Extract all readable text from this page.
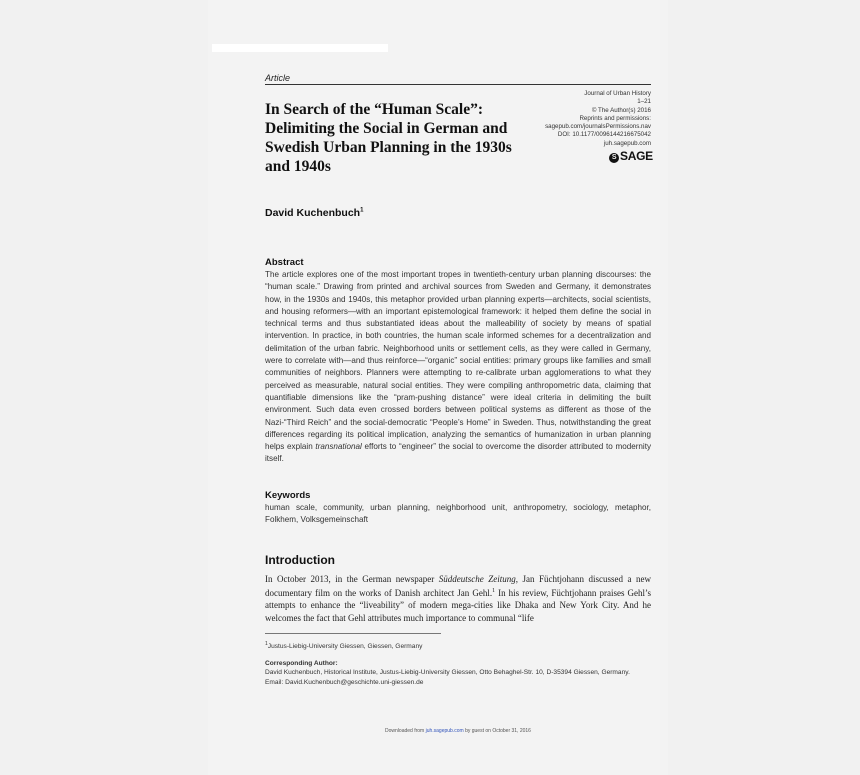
Article
Journal of Urban History
1–21
© The Author(s) 2016
Reprints and permissions:
sagepub.com/journalsPermissions.nav
DOI: 10.1177/0096144216675042
juh.sagepub.com
S SAGE
In Search of the “Human Scale”: Delimiting the Social in German and Swedish Urban Planning in the 1930s and 1940s
David Kuchenbuch$^1$
Abstract
The article explores one of the most important tropes in twentieth-century urban planning discourses: the “human scale.” Drawing from printed and archival sources from Sweden and Germany, it demonstrates how, in the 1930s and 1940s, this metaphor provided urban planning experts—architects, social scientists, and housing reformers—with an important epistemological framework: it helped them define the social in technical terms and thus substantiated ideas about the malleability of society by means of spatial intervention. In practice, in both countries, the human scale informed schemes for a decentralization and delimitation of the urban fabric. Neighborhood units or settlement cells, as they were called in Germany, were to correlate with—and thus reinforce—“organic” social entities: primary groups like families and small communities of neighbors. Planners were attempting to re-calibrate urban agglomerations to what they perceived as measurable, natural social entities. They were compiling anthropometric data, claiming that quantifiable dimensions like the “pram-pushing distance” were ideal criteria in delimiting the built environment. Such data even crossed borders between political systems as different as those of the Nazi-“Third Reich” and the social-democratic “People’s Home” in Sweden. Thus, notwithstanding the great differences regarding its political implication, analyzing the semantics of humanization in urban planning helps explain transnational efforts to “engineer” the social to overcome the disorder attributed to modernity itself.
Keywords
human scale, community, urban planning, neighborhood unit, anthropometry, sociology, metaphor, Folkhem, Volksgemeinschaft
Introduction
In October 2013, in the German newspaper Süddeutsche Zeitung, Jan Füchtjohann discussed a new documentary film on the works of Danish architect Jan Gehl.$^1$ In his review, Füchtjohann praises Gehl’s attempts to enhance the “liveability” of modern mega-cities like Dhaka and New York City. And he welcomes the fact that Gehl attributes much importance to communal “life
$^1$Justus-Liebig-University Giessen, Giessen, Germany
Corresponding Author:
David Kuchenbuch, Historical Institute, Justus-Liebig-University Giessen, Otto Behaghel-Str. 10, D-35394 Giessen, Germany.
Email: David.Kuchenbuch@geschichte.uni-giessen.de
Downloaded from juh.sagepub.com by guest on October 31, 2016
